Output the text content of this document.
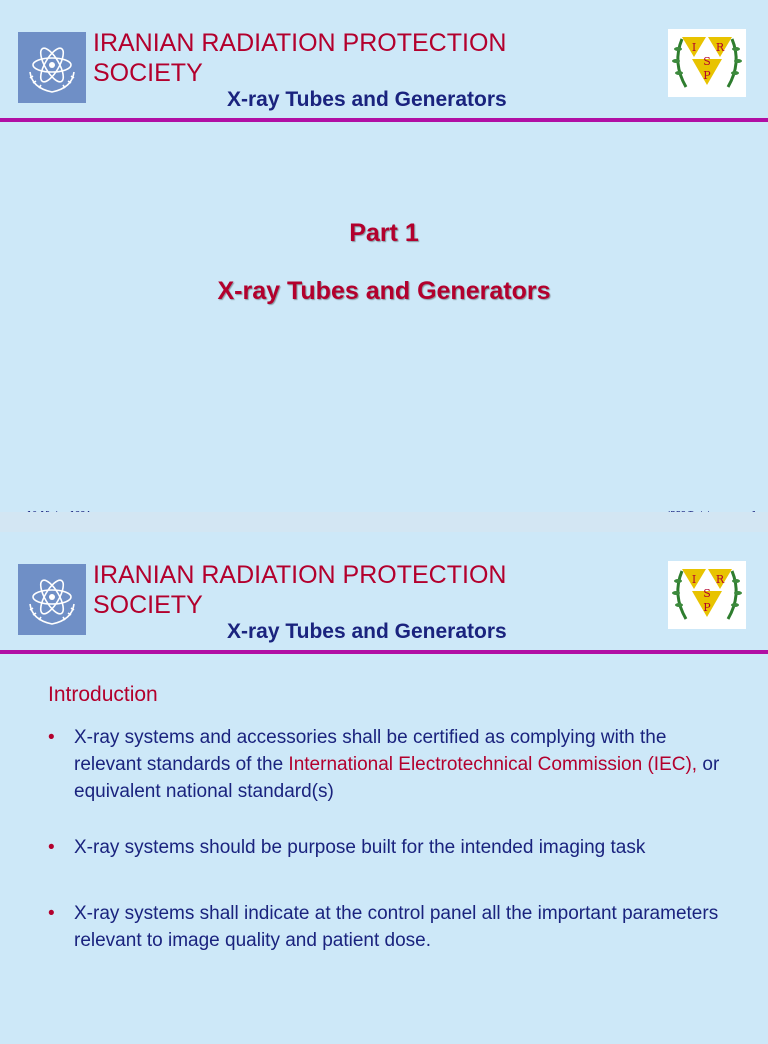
IRANIAN RADIATION PROTECTION
SOCIETY
X-ray Tubes and Generators
I R
S
P
Part 1
X-ray Tubes and Generators
IRANIAN RADIATION PROTECTION
SOCIETY
X-ray Tubes and Generators
I R
S
P
Introduction
• X-ray systems and accessories shall be certified as complying with the relevant standards of the International Electrotechnical Commission (IEC), or equivalent national standard(s)
• X-ray systems should be purpose built for the intended imaging task
• X-ray systems shall indicate at the control panel all the important parameters relevant to image quality and patient dose.
